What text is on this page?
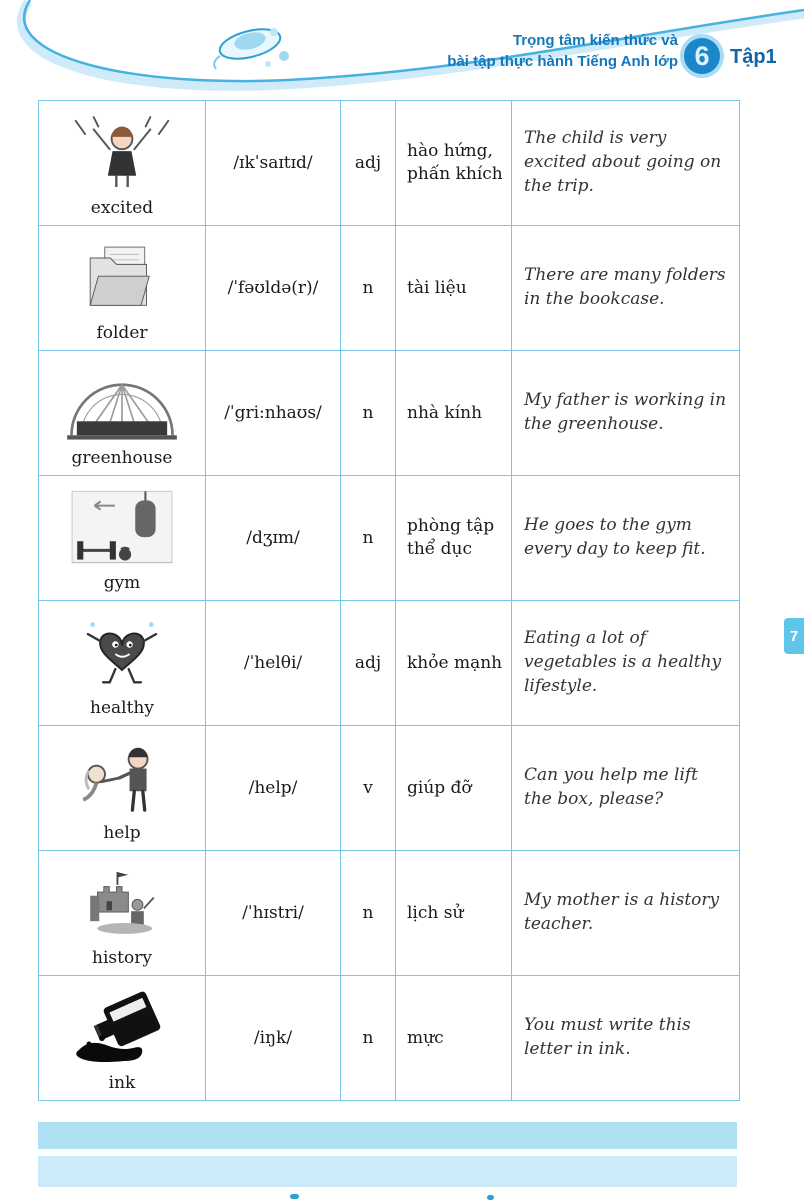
Trọng tâm kiến thức và
bài tập thực hành Tiếng Anh lớp 6 Tập1
excited	/ɪkˈsaɪtɪd/	adj	hào hứng, phấn khích	The child is very excited about going on the trip.

folder	/ˈfəʊldə(r)/	n	tài liệu	There are many folders in the bookcase.

greenhouse	/ˈgri:nhaʊs/	n	nhà kính	My father is working in the greenhouse.

gym	/dʒɪm/	n	phòng tập thể dục	He goes to the gym every day to keep fit.

healthy	/ˈhelθi/	adj	khỏe mạnh	Eating a lot of vegetables is a healthy lifestyle.

help	/help/	v	giúp đỡ	Can you help me lift the box, please?

history	/ˈhɪstri/	n	lịch sử	My mother is a history teacher.

ink	/iŋk/	n	mực	You must write this letter in ink.
7
